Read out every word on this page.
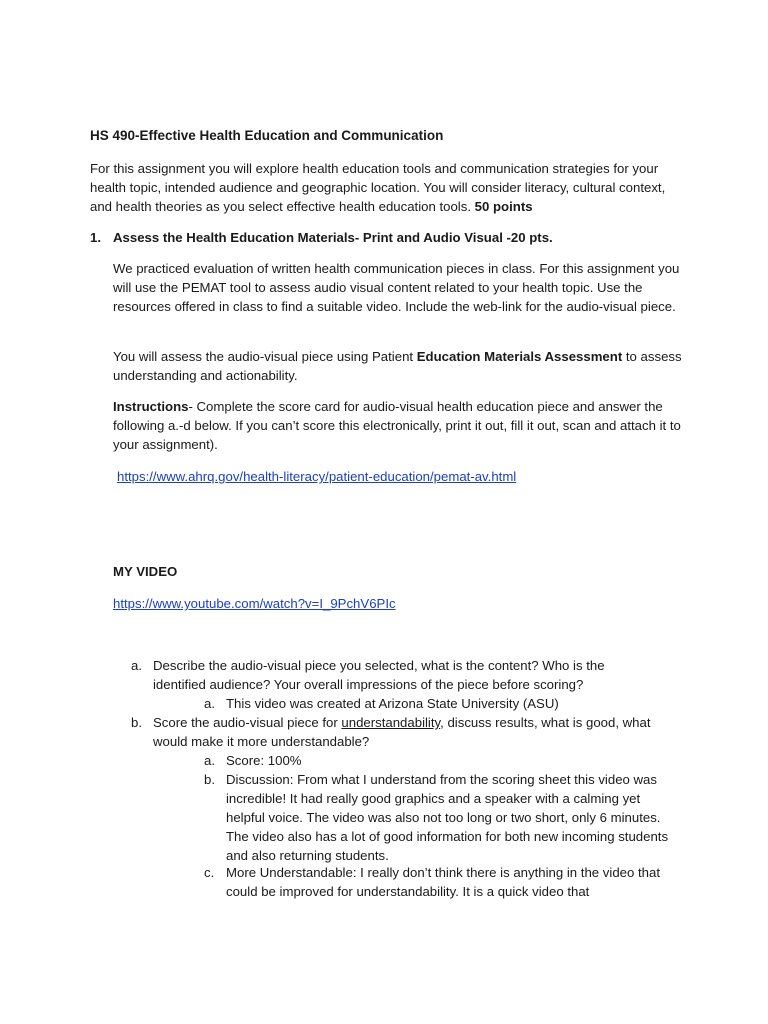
HS 490-Effective Health Education and Communication
For this assignment you will explore health education tools and communication strategies for your health topic, intended audience and geographic location. You will consider literacy, cultural context, and health theories as you select effective health education tools. 50 points
1. Assess the Health Education Materials- Print and Audio Visual -20 pts.
We practiced evaluation of written health communication pieces in class. For this assignment you will use the PEMAT tool to assess audio visual content related to your health topic. Use the resources offered in class to find a suitable video. Include the web-link for the audio-visual piece.
You will assess the audio-visual piece using Patient Education Materials Assessment to assess understanding and actionability.
Instructions- Complete the score card for audio-visual health education piece and answer the following a.-d below. If you can’t score this electronically, print it out, fill it out, scan and attach it to your assignment).
https://www.ahrq.gov/health-literacy/patient-education/pemat-av.html
MY VIDEO
https://www.youtube.com/watch?v=I_9PchV6PIc
a. Describe the audio-visual piece you selected, what is the content? Who is the identified audience? Your overall impressions of the piece before scoring?
a. This video was created at Arizona State University (ASU)
b. Score the audio-visual piece for understandability, discuss results, what is good, what would make it more understandable?
a. Score: 100%
b. Discussion: From what I understand from the scoring sheet this video was incredible! It had really good graphics and a speaker with a calming yet helpful voice. The video was also not too long or two short, only 6 minutes. The video also has a lot of good information for both new incoming students and also returning students.
c. More Understandable: I really don’t think there is anything in the video that could be improved for understandability. It is a quick video that
